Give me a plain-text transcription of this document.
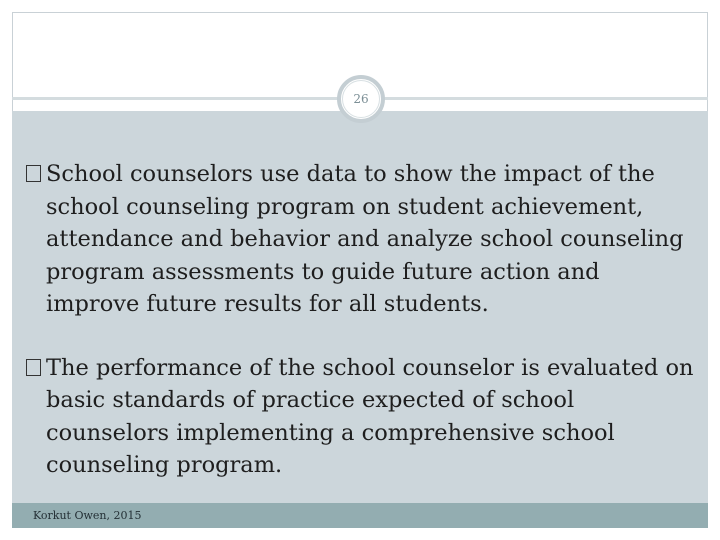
26
School counselors use data to show the impact of the school counseling program on student achievement, attendance and behavior and analyze school counseling program assessments to guide future action and improve future results for all students.
The performance of the school counselor is evaluated on basic standards of practice expected of school counselors implementing a comprehensive school counseling program.
Korkut Owen, 2015
